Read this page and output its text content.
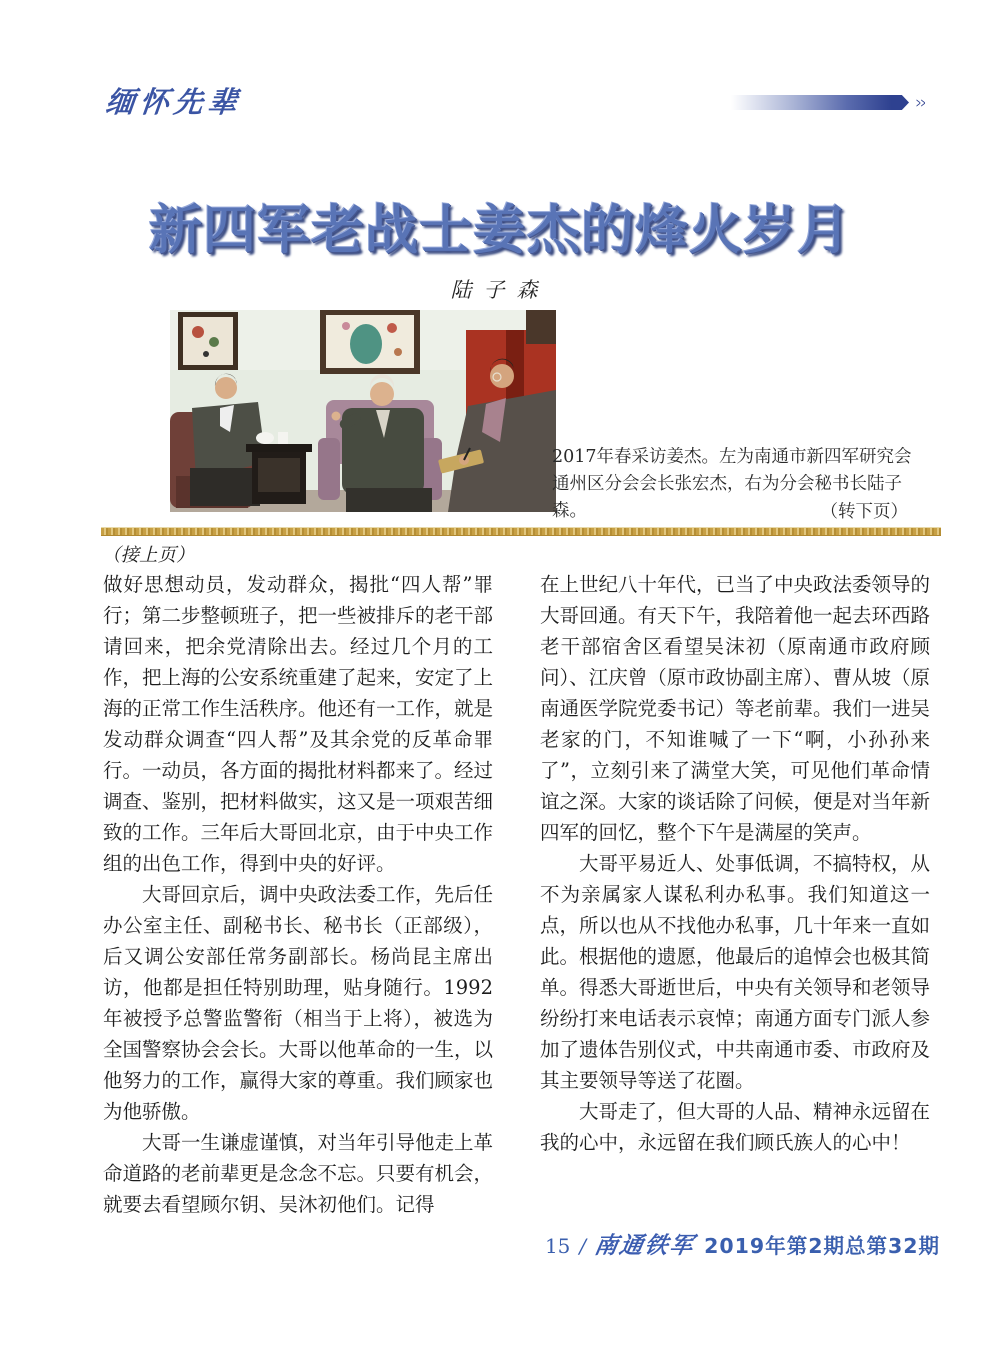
缅怀先辈	»
新四军老战士姜杰的烽火岁月
陆子森
2017年春采访姜杰。左为南通市新四军研究会
通州区分会会长张宏杰，右为分会秘书长陆子森。	（转下页）
（接上页）

做好思想动员，发动群众，揭批“四人帮”罪行；第二步整顿班子，把一些被排斥的老干部请回来，把余党清除出去。经过几个月的工作，把上海的公安系统重建了起来，安定了上海的正常工作生活秩序。他还有一工作，就是发动群众调查“四人帮”及其余党的反革命罪行。一动员，各方面的揭批材料都来了。经过调查、鉴别，把材料做实，这又是一项艰苦细致的工作。三年后大哥回北京，由于中央工作组的出色工作，得到中央的好评。

大哥回京后，调中央政法委工作，先后任办公室主任、副秘书长、秘书长（正部级），后又调公安部任常务副部长。杨尚昆主席出访，他都是担任特别助理，贴身随行。1992年被授予总警监警衔（相当于上将），被选为全国警察协会会长。大哥以他革命的一生，以他努力的工作，赢得大家的尊重。我们顾家也为他骄傲。

大哥一生谦虚谨慎，对当年引导他走上革命道路的老前辈更是念念不忘。只要有机会，就要去看望顾尔钥、吴沐初他们。记得

在上世纪八十年代，已当了中央政法委领导的大哥回通。有天下午，我陪着他一起去环西路老干部宿舍区看望吴沫初（原南通市政府顾问）、江庆曾（原市政协副主席）、曹从坡（原南通医学院党委书记）等老前辈。我们一进吴老家的门，不知谁喊了一下“啊，小孙孙来了”，立刻引来了满堂大笑，可见他们革命情谊之深。大家的谈话除了问候，便是对当年新四军的回忆，整个下午是满屋的笑声。

大哥平易近人、处事低调，不搞特权，从不为亲属家人谋私利办私事。我们知道这一点，所以也从不找他办私事，几十年来一直如此。根据他的遗愿，他最后的追悼会也极其简单。得悉大哥逝世后，中央有关领导和老领导纷纷打来电话表示哀悼；南通方面专门派人参加了遗体告别仪式，中共南通市委、市政府及其主要领导等送了花圈。

大哥走了，但大哥的人品、精神永远留在我的心中，永远留在我们顾氏族人的心中！

15 / 南通铁军 2019年第2期总第32期
